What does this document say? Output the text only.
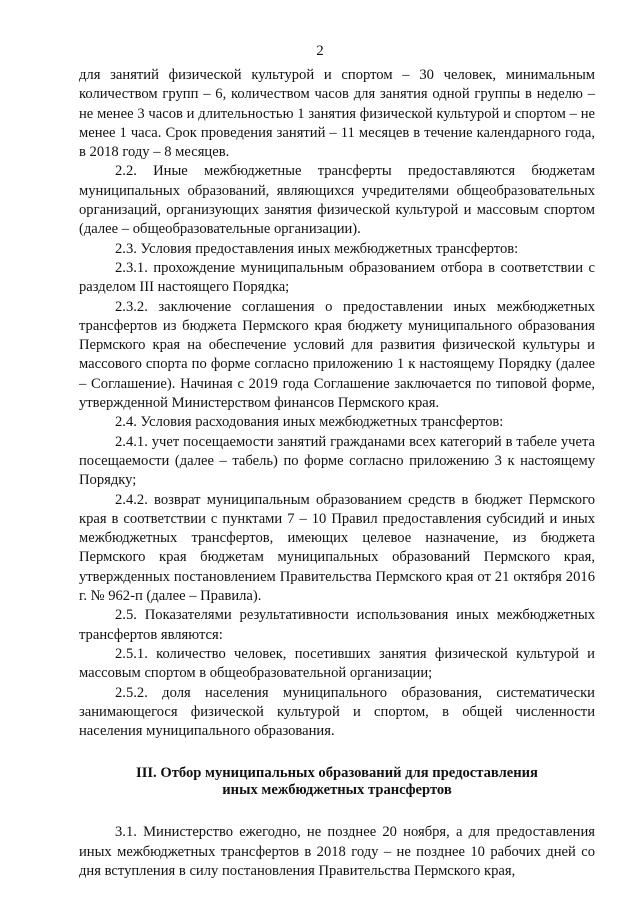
2

для занятий физической культурой и спортом – 30 человек, минимальным количеством групп – 6, количеством часов для занятия одной группы в неделю – не менее 3 часов и длительностью 1 занятия физической культурой и спортом – не менее 1 часа. Срок проведения занятий – 11 месяцев в течение календарного года, в 2018 году – 8 месяцев.

2.2. Иные межбюджетные трансферты предоставляются бюджетам муниципальных образований, являющихся учредителями общеобразовательных организаций, организующих занятия физической культурой и массовым спортом (далее – общеобразовательные организации).

2.3. Условия предоставления иных межбюджетных трансфертов:

2.3.1. прохождение муниципальным образованием отбора в соответствии с разделом III настоящего Порядка;

2.3.2. заключение соглашения о предоставлении иных межбюджетных трансфертов из бюджета Пермского края бюджету муниципального образования Пермского края на обеспечение условий для развития физической культуры и массового спорта по форме согласно приложению 1 к настоящему Порядку (далее – Соглашение). Начиная с 2019 года Соглашение заключается по типовой форме, утвержденной Министерством финансов Пермского края.

2.4. Условия расходования иных межбюджетных трансфертов:

2.4.1. учет посещаемости занятий гражданами всех категорий в табеле учета посещаемости (далее – табель) по форме согласно приложению 3 к настоящему Порядку;

2.4.2. возврат муниципальным образованием средств в бюджет Пермского края в соответствии с пунктами 7 – 10 Правил предоставления субсидий и иных межбюджетных трансфертов, имеющих целевое назначение, из бюджета Пермского края бюджетам муниципальных образований Пермского края, утвержденных постановлением Правительства Пермского края от 21 октября 2016 г. № 962-п (далее – Правила).

2.5. Показателями результативности использования иных межбюджетных трансфертов являются:

2.5.1. количество человек, посетивших занятия физической культурой и массовым спортом в общеобразовательной организации;

2.5.2. доля населения муниципального образования, систематически занимающегося физической культурой и спортом, в общей численности населения муниципального образования.

III. Отбор муниципальных образований для предоставления
иных межбюджетных трансфертов

3.1. Министерство ежегодно, не позднее 20 ноября, а для предоставления иных межбюджетных трансфертов в 2018 году – не позднее 10 рабочих дней со дня вступления в силу постановления Правительства Пермского края,
